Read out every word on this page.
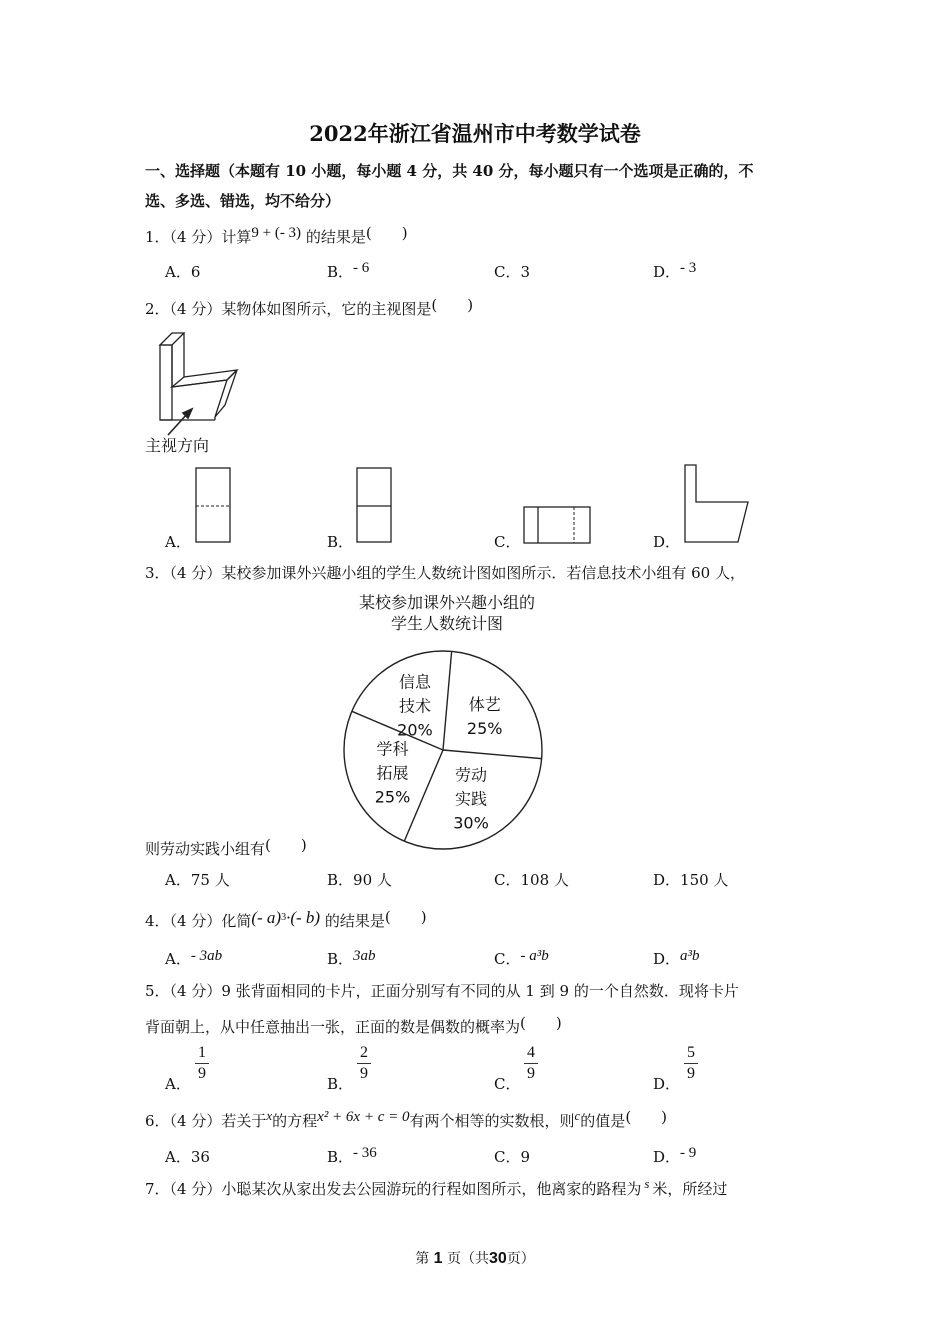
2022年浙江省温州市中考数学试卷
一、选择题（本题有 10 小题，每小题 4 分，共 40 分，每小题只有一个选项是正确的，不
选、多选、错选，均不给分）
1．（4 分）计算9 + (- 3) 的结果是(　　)
A．6	B．- 6	C．3	D．- 3
2．（4 分）某物体如图所示，它的主视图是(　　)
主视方向
A．	B．	C．	D．
3．（4 分）某校参加课外兴趣小组的学生人数统计图如图所示．若信息技术小组有 60 人，
某校参加课外兴趣小组的
学生人数统计图
体艺
25%
劳动
实践
30%
学科
拓展
25%
信息
技术
20%
则劳动实践小组有(　　)
A．75 人	B．90 人	C．108 人	D．150 人
4．（4 分）化简(- a)$^3$·(- b) 的结果是(　　)
A．- 3ab	B．3ab	C．- a³b	D．a³b
5．（4 分）9 张背面相同的卡片，正面分别写有不同的从 1 到 9 的一个自然数．现将卡片
背面朝上，从中任意抽出一张，正面的数是偶数的概率为(　　)
A．
1
9
B．
2
9
C．
4
9
D．
5
9
6．（4 分）若关于x的方程x² + 6x + c = 0有两个相等的实数根，则c的值是(　　)
A．36	B．- 36	C．9	D．- 9
7．（4 分）小聪某次从家出发去公园游玩的行程如图所示，他离家的路程为 s 米，所经过
第 1 页（共30页）
